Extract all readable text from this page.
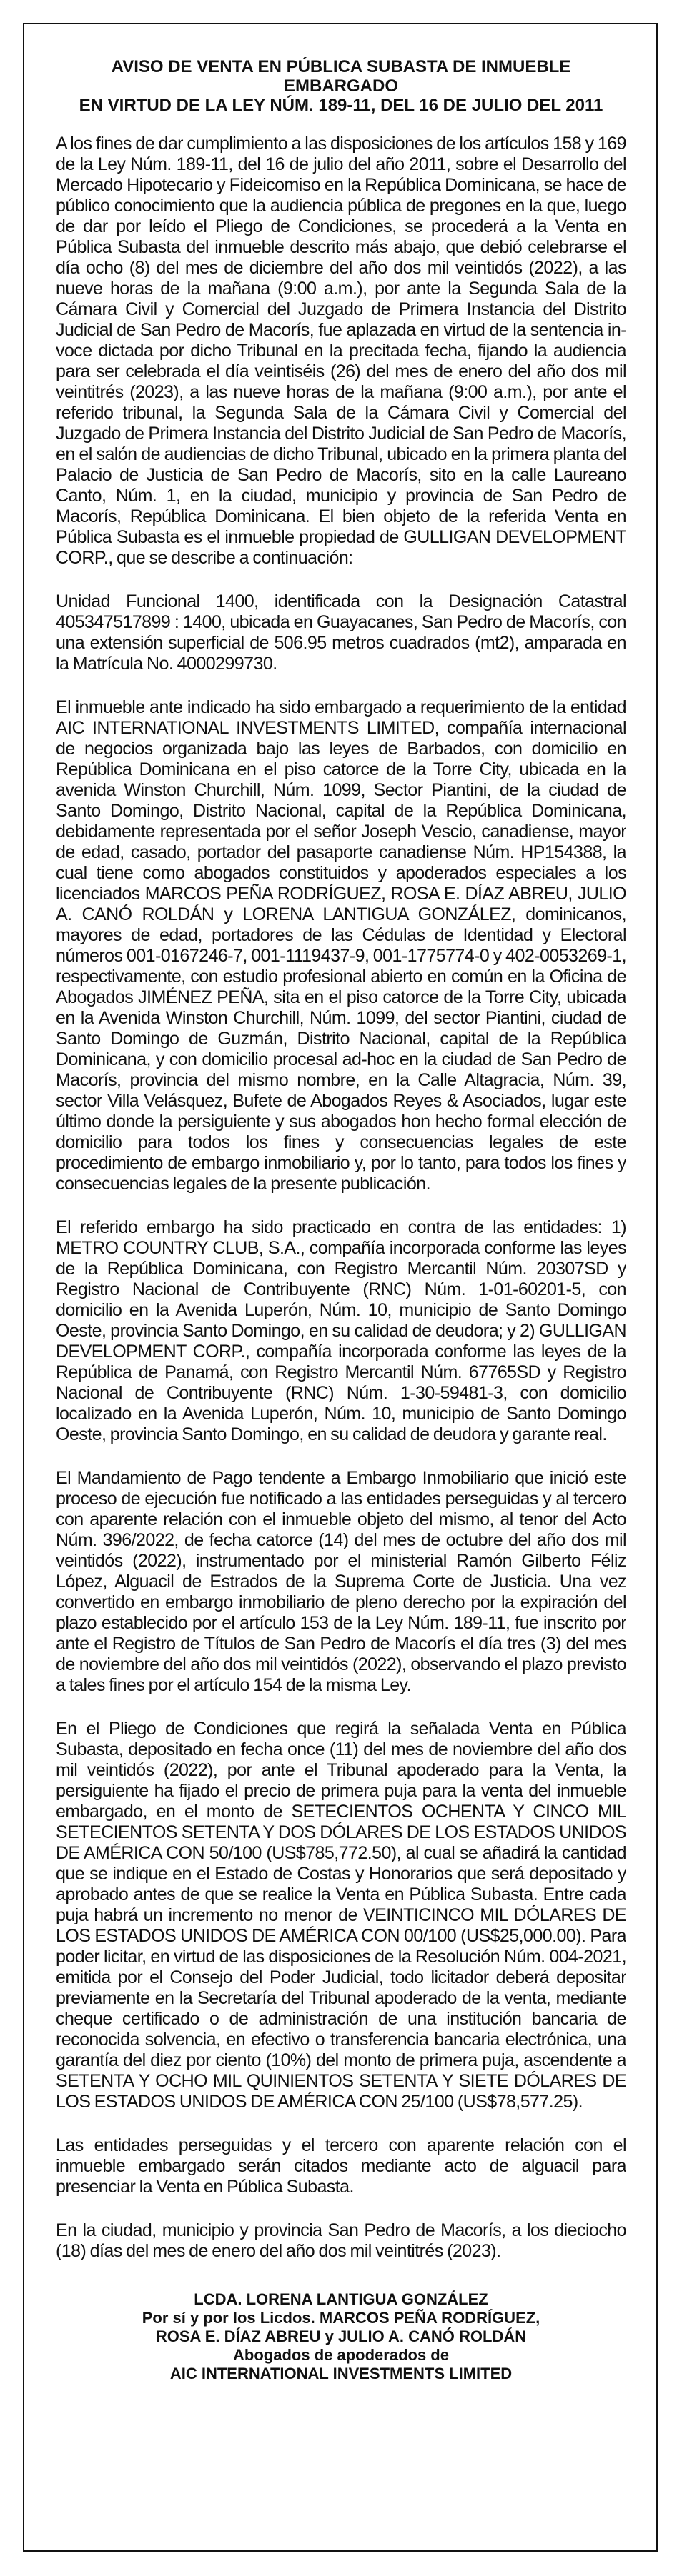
AVISO DE VENTA EN PÚBLICA SUBASTA DE INMUEBLE
EMBARGADO
EN VIRTUD DE LA LEY NÚM. 189-11, DEL 16 DE JULIO DEL 2011

A los fines de dar cumplimiento a las disposiciones de los artículos 158 y 169 de la Ley Núm. 189-11, del 16 de julio del año 2011, sobre el Desarrollo del Mercado Hipotecario y Fideicomiso en la República Dominicana, se hace de público conocimiento que la audiencia pública de pregones en la que, luego de dar por leído el Pliego de Condiciones, se procederá a la Venta en Pública Subasta del inmueble descrito más abajo, que debió celebrarse el día ocho (8) del mes de diciembre del año dos mil veintidós (2022), a las nueve horas de la mañana (9:00 a.m.), por ante la Segunda Sala de la Cámara Civil y Comercial del Juzgado de Primera Instancia del Distrito Judicial de San Pedro de Macorís, fue aplazada en virtud de la sentencia in-voce dictada por dicho Tribunal en la precitada fecha, fijando la audiencia para ser celebrada el día veintiséis (26) del mes de enero del año dos mil veintitrés (2023), a las nueve horas de la mañana (9:00 a.m.), por ante el referido tribunal, la Segunda Sala de la Cámara Civil y Comercial del Juzgado de Primera Instancia del Distrito Judicial de San Pedro de Macorís, en el salón de audiencias de dicho Tribunal, ubicado en la primera planta del Palacio de Justicia de San Pedro de Macorís, sito en la calle Laureano Canto, Núm. 1, en la ciudad, municipio y provincia de San Pedro de Macorís, República Dominicana. El bien objeto de la referida Venta en Pública Subasta es el inmueble propiedad de GULLIGAN DEVELOPMENT CORP., que se describe a continuación:

Unidad Funcional 1400, identificada con la Designación Catastral 405347517899 : 1400, ubicada en Guayacanes, San Pedro de Macorís, con una extensión superficial de 506.95 metros cuadrados (mt2), amparada en la Matrícula No. 4000299730.

El inmueble ante indicado ha sido embargado a requerimiento de la entidad AIC INTERNATIONAL INVESTMENTS LIMITED, compañía internacional de negocios organizada bajo las leyes de Barbados, con domicilio en República Dominicana en el piso catorce de la Torre City, ubicada en la avenida Winston Churchill, Núm. 1099, Sector Piantini, de la ciudad de Santo Domingo, Distrito Nacional, capital de la República Dominicana, debidamente representada por el señor Joseph Vescio, canadiense, mayor de edad, casado, portador del pasaporte canadiense Núm. HP154388, la cual tiene como abogados constituidos y apoderados especiales a los licenciados MARCOS PEÑA RODRÍGUEZ, ROSA E. DÍAZ ABREU, JULIO A. CANÓ ROLDÁN y LORENA LANTIGUA GONZÁLEZ, dominicanos, mayores de edad, portadores de las Cédulas de Identidad y Electoral números 001-0167246-7, 001-1119437-9, 001-1775774-0 y 402-0053269-1, respectivamente, con estudio profesional abierto en común en la Oficina de Abogados JIMÉNEZ PEÑA, sita en el piso catorce de la Torre City, ubicada en la Avenida Winston Churchill, Núm. 1099, del sector Piantini, ciudad de Santo Domingo de Guzmán, Distrito Nacional, capital de la República Dominicana, y con domicilio procesal ad-hoc en la ciudad de San Pedro de Macorís, provincia del mismo nombre, en la Calle Altagracia, Núm. 39, sector Villa Velásquez, Bufete de Abogados Reyes & Asociados, lugar este último donde la persiguiente y sus abogados hon hecho formal elección de domicilio para todos los fines y consecuencias legales de este procedimiento de embargo inmobiliario y, por lo tanto, para todos los fines y consecuencias legales de la presente publicación.

El referido embargo ha sido practicado en contra de las entidades: 1) METRO COUNTRY CLUB, S.A., compañía incorporada conforme las leyes de la República Dominicana, con Registro Mercantil Núm. 20307SD y Registro Nacional de Contribuyente (RNC) Núm. 1-01-60201-5, con domicilio en la Avenida Luperón, Núm. 10, municipio de Santo Domingo Oeste, provincia Santo Domingo, en su calidad de deudora; y 2) GULLIGAN DEVELOPMENT CORP., compañía incorporada conforme las leyes de la República de Panamá, con Registro Mercantil Núm. 67765SD y Registro Nacional de Contribuyente (RNC) Núm. 1-30-59481-3, con domicilio localizado en la Avenida Luperón, Núm. 10, municipio de Santo Domingo Oeste, provincia Santo Domingo, en su calidad de deudora y garante real.

El Mandamiento de Pago tendente a Embargo Inmobiliario que inició este proceso de ejecución fue notificado a las entidades perseguidas y al tercero con aparente relación con el inmueble objeto del mismo, al tenor del Acto Núm. 396/2022, de fecha catorce (14) del mes de octubre del año dos mil veintidós (2022), instrumentado por el ministerial Ramón Gilberto Féliz López, Alguacil de Estrados de la Suprema Corte de Justicia. Una vez convertido en embargo inmobiliario de pleno derecho por la expiración del plazo establecido por el artículo 153 de la Ley Núm. 189-11, fue inscrito por ante el Registro de Títulos de San Pedro de Macorís el día tres (3) del mes de noviembre del año dos mil veintidós (2022), observando el plazo previsto a tales fines por el artículo 154 de la misma Ley.

En el Pliego de Condiciones que regirá la señalada Venta en Pública Subasta, depositado en fecha once (11) del mes de noviembre del año dos mil veintidós (2022), por ante el Tribunal apoderado para la Venta, la persiguiente ha fijado el precio de primera puja para la venta del inmueble embargado, en el monto de SETECIENTOS OCHENTA Y CINCO MIL SETECIENTOS SETENTA Y DOS DÓLARES DE LOS ESTADOS UNIDOS DE AMÉRICA CON 50/100 (US$785,772.50), al cual se añadirá la cantidad que se indique en el Estado de Costas y Honorarios que será depositado y aprobado antes de que se realice la Venta en Pública Subasta. Entre cada puja habrá un incremento no menor de VEINTICINCO MIL DÓLARES DE LOS ESTADOS UNIDOS DE AMÉRICA CON 00/100 (US$25,000.00). Para poder licitar, en virtud de las disposiciones de la Resolución Núm. 004-2021, emitida por el Consejo del Poder Judicial, todo licitador deberá depositar previamente en la Secretaría del Tribunal apoderado de la venta, mediante cheque certificado o de administración de una institución bancaria de reconocida solvencia, en efectivo o transferencia bancaria electrónica, una garantía del diez por ciento (10%) del monto de primera puja, ascendente a SETENTA Y OCHO MIL QUINIENTOS SETENTA Y SIETE DÓLARES DE LOS ESTADOS UNIDOS DE AMÉRICA CON 25/100 (US$78,577.25).

Las entidades perseguidas y el tercero con aparente relación con el inmueble embargado serán citados mediante acto de alguacil para presenciar la Venta en Pública Subasta.

En la ciudad, municipio y provincia San Pedro de Macorís, a los dieciocho (18) días del mes de enero del año dos mil veintitrés (2023).

LCDA. LORENA LANTIGUA GONZÁLEZ
Por sí y por los Licdos. MARCOS PEÑA RODRÍGUEZ,
ROSA E. DÍAZ ABREU y JULIO A. CANÓ ROLDÁN
Abogados de apoderados de
AIC INTERNATIONAL INVESTMENTS LIMITED
